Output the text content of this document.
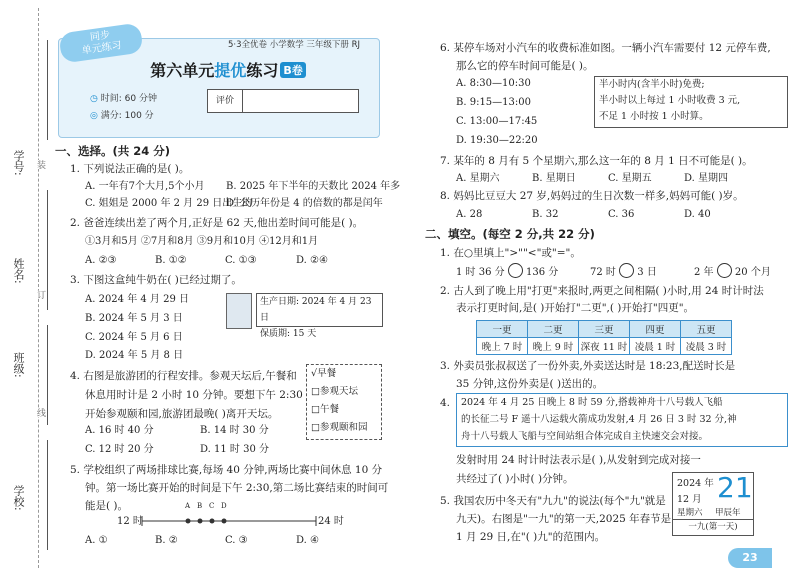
学号:
姓名:
班级:
学校:
装
订
线
5·3全优卷 小学数学 三年级下册 RJ
同步
单元练习
第六单元提优练习 B卷
◷ 时间: 60 分钟
◎ 满分: 100 分
评价
一、选择。(共 24 分)
1. 下列说法正确的是( )。
A. 一年有7个大月,5个小月 B. 2025 年下半年的天数比 2024 年多
C. 姐姐是 2000 年 2 月 29 日出生的
D. 公历年份是 4 的倍数的都是闰年
2. 爸爸连续出差了两个月,正好是 62 天,他出差时间可能是( )。
①3月和5月 ②7月和8月 ③9月和10月 ④12月和1月
A. ②③	B. ①②	C. ①③	D. ②④
3. 下图这盒纯牛奶在( )已经过期了。
A. 2024 年 4 月 29 日
B. 2024 年 5 月 3 日
C. 2024 年 5 月 6 日
D. 2024 年 5 月 8 日
生产日期: 2024 年 4 月 23 日
保质期: 15 天
4. 右图是旅游团的行程安排。参观天坛后,午餐和
休息用时计是 2 小时 10 分钟。要想下午 2:30
开始参观颐和园,旅游团最晚( )离开天坛。
A. 16 时 40 分	B. 14 时 30 分
C. 12 时 20 分	D. 11 时 30 分
√早餐
□参观天坛
□午餐
□参观颐和园
5. 学校组织了两场排球比赛,每场 40 分钟,两场比赛中间休息 10 分
钟。第一场比赛开始的时间是下午 2:30,第二场比赛结束的时间可
能是( )。
12 时	24 时
A B C D
A. ①	B. ②	C. ③	D. ④
6. 某停车场对小汽车的收费标准如图。一辆小汽车需要付 12 元停车费,
那么它的停车时间可能是( )。
A. 8:30—10:30
B. 9:15—13:00
C. 13:00—17:45
D. 19:30—22:20
半小时内(含半小时)免费;
半小时以上每过 1 小时收费 3 元,
不足 1 小时按 1 小时算。
7. 某年的 8 月有 5 个星期六,那么这一年的 8 月 1 日不可能是( )。
A. 星期六	B. 星期日	C. 星期五	D. 星期四
8. 妈妈比豆豆大 27 岁,妈妈过的生日次数一样多,妈妈可能( )岁。
A. 28	B. 32	C. 36	D. 40
二、填空。(每空 2 分,共 22 分)
1. 在○里填上">""<"或"="。
1 时 36 分 136 分	72 时 3 日	2 年 20 个月
2. 古人到了晚上用"打更"来报时,两更之间相隔( )小时,用 24 时计时法
表示打更时间,是( )开始打"二更",( )开始打"四更"。
一更	二更	三更	四更	五更
晚上 7 时	晚上 9 时	深夜 11 时	凌晨 1 时	凌晨 3 时
3. 外卖员张叔叔送了一份外卖,外卖送达时是 18:23,配送时长是
35 分钟,这份外卖是( )送出的。
4. 2024 年 4 月 25 日晚上 8 时 59 分,搭载神舟十八号载人飞船
的长征二号 F 遥十八运载火箭成功发射,4 月 26 日 3 时 32 分,神
舟十八号载人飞船与空间站组合体完成自主快速交会对接。
发射时用 24 时计时法表示是( ),从发射到完成对接一
共经过了( )小时( )分钟。
5. 我国农历中冬天有"九九"的说法(每个"九"就是
九天)。右图是"一九"的第一天,2025 年春节是
1 月 29 日,在"( )九"的范围内。
2024 年
12 月 21
星期六 甲辰年
一九(第一天)
23
